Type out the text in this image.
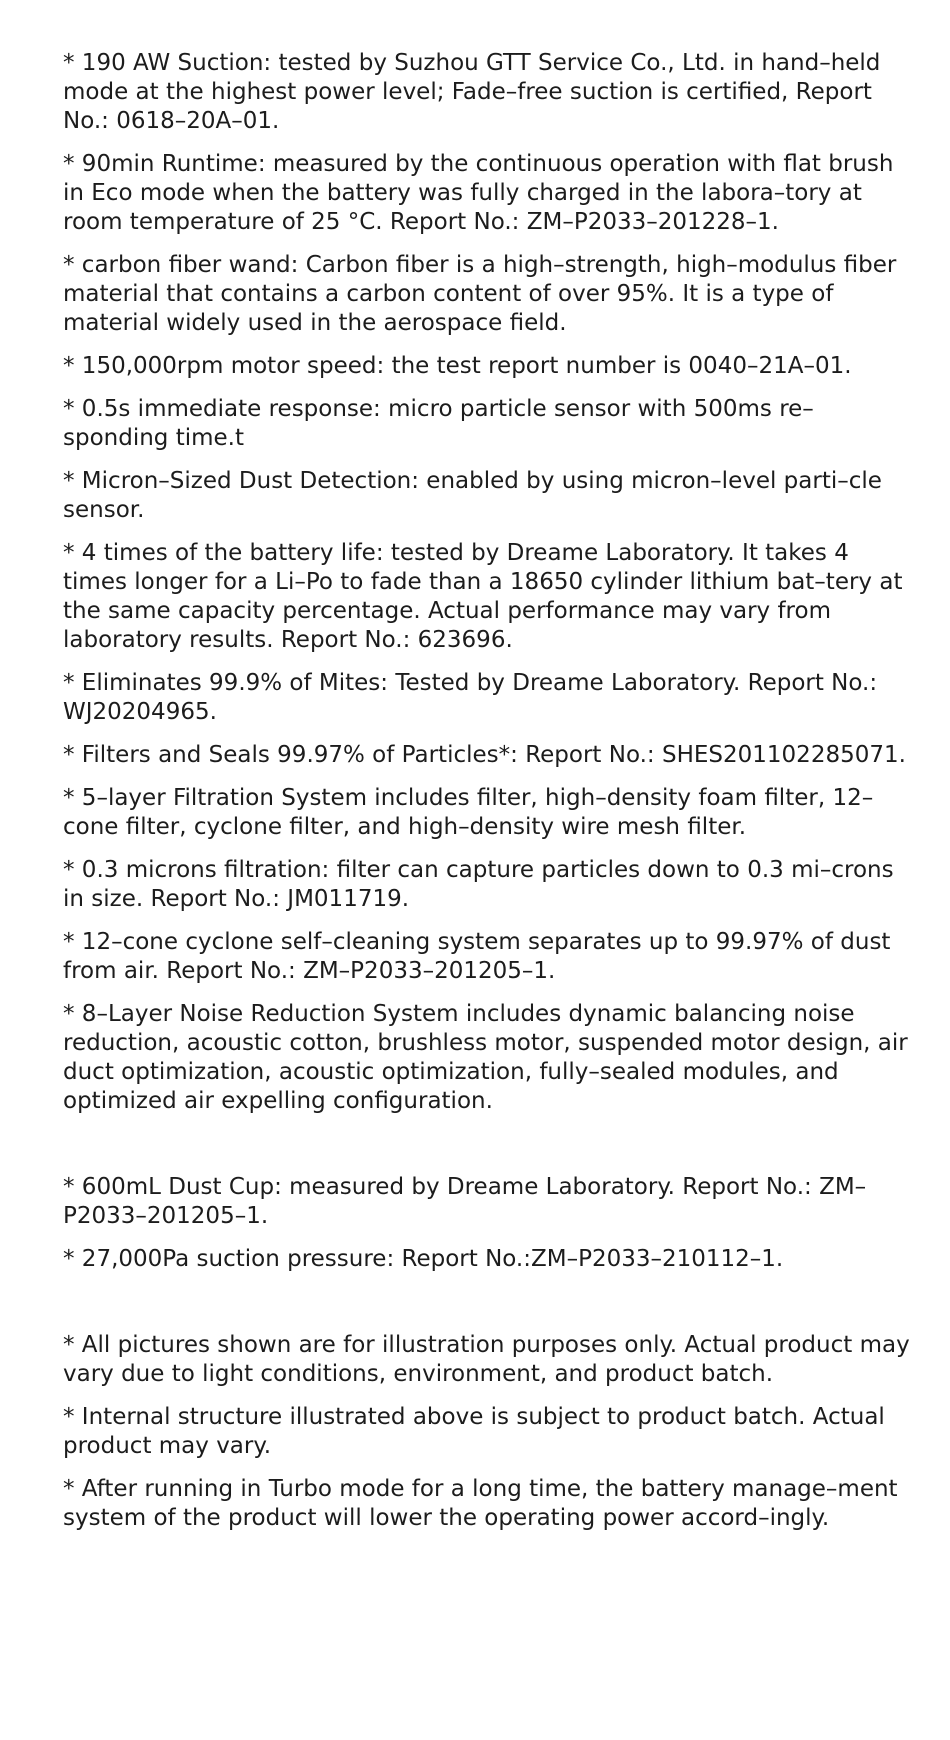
* 190 AW Suction: tested by Suzhou GTT Service Co., Ltd. in hand–held mode at the highest power level; Fade–free suction is certified, Report No.: 0618–20A–01.

* 90min Runtime: measured by the continuous operation with flat brush in Eco mode when the battery was fully charged in the labora–tory at room temperature of 25 °C. Report No.: ZM–P2033–201228–1.

* carbon fiber wand: Carbon fiber is a high–strength, high–modulus fiber material that contains a carbon content of over 95%. It is a type of material widely used in the aerospace field.

* 150,000rpm motor speed: the test report number is 0040–21A–01.

* 0.5s immediate response: micro particle sensor with 500ms re–sponding time.t

* Micron–Sized Dust Detection: enabled by using micron–level parti–cle sensor.

* 4 times of the battery life: tested by Dreame Laboratory. It takes 4 times longer for a Li–Po to fade than a 18650 cylinder lithium bat–tery at the same capacity percentage. Actual performance may vary from laboratory results. Report No.: 623696.

* Eliminates 99.9% of Mites: Tested by Dreame Laboratory. Report No.: WJ20204965.

* Filters and Seals 99.97% of Particles*: Report No.: SHES201102285071.

* 5–layer Filtration System includes filter, high–density foam filter, 12–cone filter, cyclone filter, and high–density wire mesh filter.

* 0.3 microns filtration: filter can capture particles down to 0.3 mi–crons in size. Report No.: JM011719.

* 12–cone cyclone self–cleaning system separates up to 99.97% of dust from air. Report No.: ZM–P2033–201205–1.

* 8–Layer Noise Reduction System includes dynamic balancing noise reduction, acoustic cotton, brushless motor, suspended motor design, air duct optimization, acoustic optimization, fully–sealed modules, and optimized air expelling configuration.

* 600mL Dust Cup: measured by Dreame Laboratory. Report No.: ZM–P2033–201205–1.

* 27,000Pa suction pressure: Report No.:ZM–P2033–210112–1.

* All pictures shown are for illustration purposes only. Actual product may vary due to light conditions, environment, and product batch.

* Internal structure illustrated above is subject to product batch. Actual product may vary.

* After running in Turbo mode for a long time, the battery manage–ment system of the product will lower the operating power accord–ingly.
